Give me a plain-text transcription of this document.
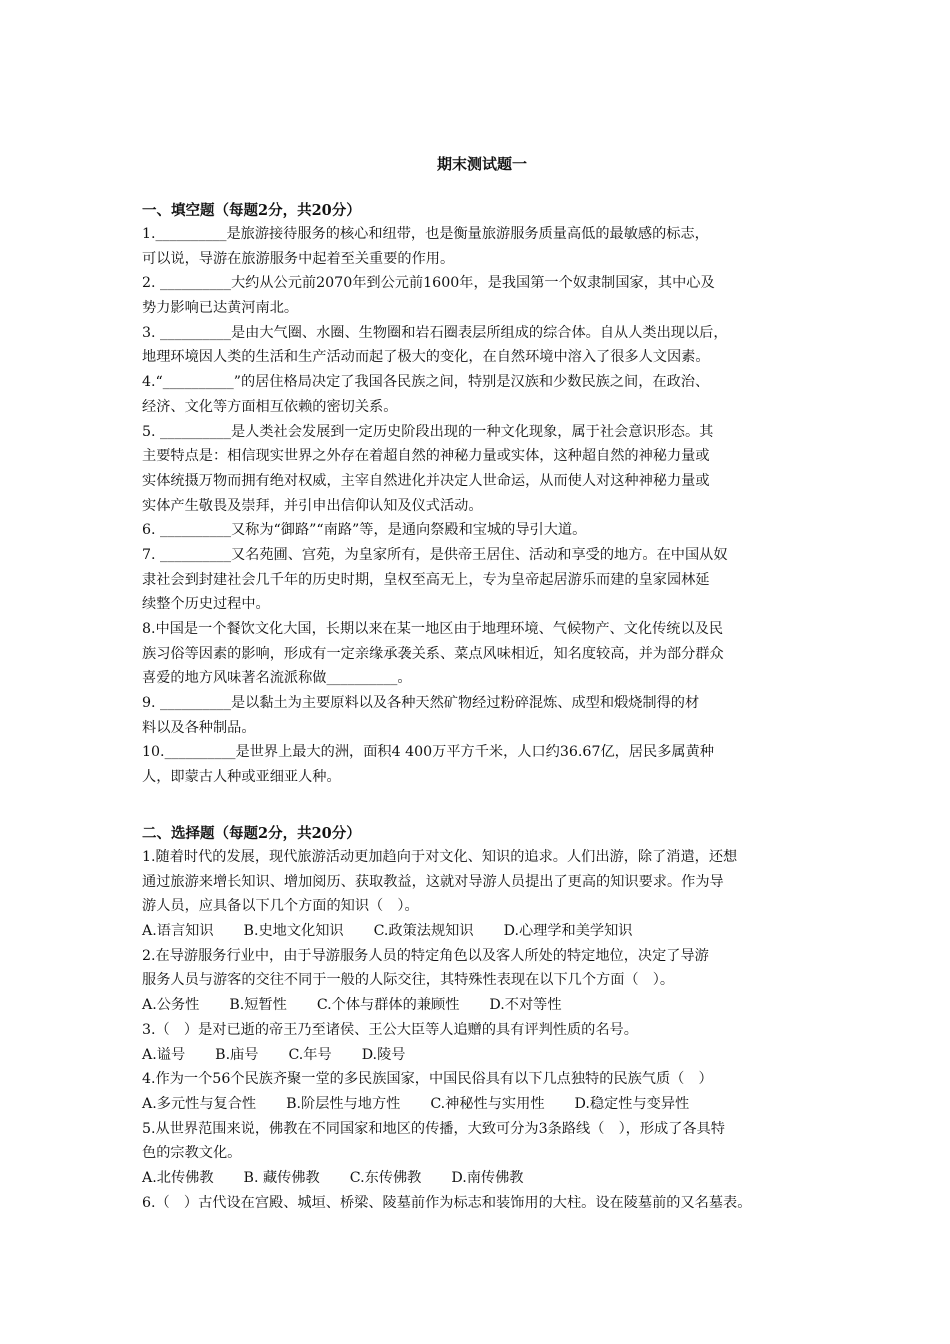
期末测试题一
一、填空题（每题2分，共20分）
1.__________是旅游接待服务的核心和纽带，也是衡量旅游服务质量高低的最敏感的标志，
可以说，导游在旅游服务中起着至关重要的作用。
2. __________大约从公元前2070年到公元前1600年，是我国第一个奴隶制国家，其中心及
势力影响已达黄河南北。
3. __________是由大气圈、水圈、生物圈和岩石圈表层所组成的综合体。自从人类出现以后，
地理环境因人类的生活和生产活动而起了极大的变化，在自然环境中溶入了很多人文因素。
4.“__________”的居住格局决定了我国各民族之间，特别是汉族和少数民族之间，在政治、
经济、文化等方面相互依赖的密切关系。
5. __________是人类社会发展到一定历史阶段出现的一种文化现象，属于社会意识形态。其
主要特点是：相信现实世界之外存在着超自然的神秘力量或实体，这种超自然的神秘力量或
实体统摄万物而拥有绝对权威，主宰自然进化并决定人世命运，从而使人对这种神秘力量或
实体产生敬畏及崇拜，并引申出信仰认知及仪式活动。
6. __________又称为“御路”“南路”等，是通向祭殿和宝城的导引大道。
7. __________又名苑圃、宫苑，为皇家所有，是供帝王居住、活动和享受的地方。在中国从奴
隶社会到封建社会几千年的历史时期，皇权至高无上，专为皇帝起居游乐而建的皇家园林延
续整个历史过程中。
8.中国是一个餐饮文化大国，长期以来在某一地区由于地理环境、气候物产、文化传统以及民
族习俗等因素的影响，形成有一定亲缘承袭关系、菜点风味相近，知名度较高，并为部分群众
喜爱的地方风味著名流派称做__________。
9. __________是以黏土为主要原料以及各种天然矿物经过粉碎混炼、成型和煅烧制得的材
料以及各种制品。
10.__________是世界上最大的洲，面积4 400万平方千米，人口约36.67亿，居民多属黄种
人，即蒙古人种或亚细亚人种。
二、选择题（每题2分，共20分）
1.随着时代的发展，现代旅游活动更加趋向于对文化、知识的追求。人们出游，除了消遣，还想
通过旅游来增长知识、增加阅历、获取教益，这就对导游人员提出了更高的知识要求。作为导
游人员，应具备以下几个方面的知识（　）。
A.语言知识 B.史地文化知识 C.政策法规知识 D.心理学和美学知识
2.在导游服务行业中，由于导游服务人员的特定角色以及客人所处的特定地位，决定了导游
服务人员与游客的交往不同于一般的人际交往，其特殊性表现在以下几个方面（　）。
A.公务性 B.短暂性 C.个体与群体的兼顾性 D.不对等性
3.（　）是对已逝的帝王乃至诸侯、王公大臣等人追赠的具有评判性质的名号。
A.谥号 B.庙号 C.年号 D.陵号
4.作为一个56个民族齐聚一堂的多民族国家，中国民俗具有以下几点独特的民族气质（　）
A.多元性与复合性 B.阶层性与地方性 C.神秘性与实用性 D.稳定性与变异性
5.从世界范围来说，佛教在不同国家和地区的传播，大致可分为3条路线（　），形成了各具特
色的宗教文化。
A.北传佛教 B. 藏传佛教 C.东传佛教 D.南传佛教
6.（　）古代设在宫殿、城垣、桥梁、陵墓前作为标志和装饰用的大柱。设在陵墓前的又名墓表。
